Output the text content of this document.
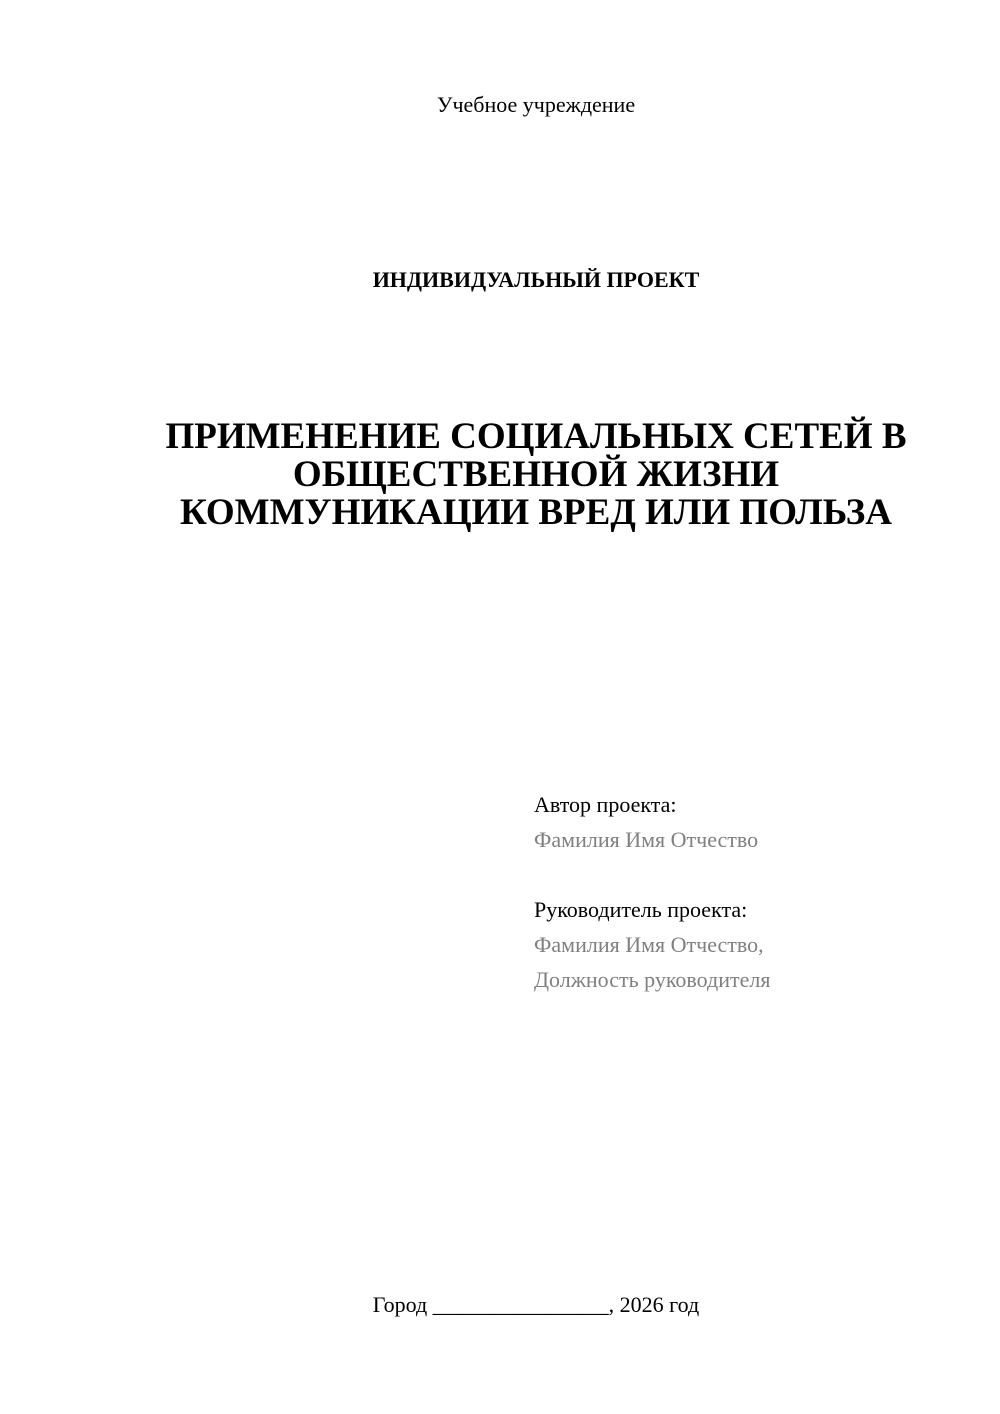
Учебное учреждение
ИНДИВИДУАЛЬНЫЙ ПРОЕКТ
ПРИМЕНЕНИЕ СОЦИАЛЬНЫХ СЕТЕЙ В
ОБЩЕСТВЕННОЙ ЖИЗНИ
КОММУНИКАЦИИ ВРЕД ИЛИ ПОЛЬЗА
Автор проекта:
Фамилия Имя Отчество
Руководитель проекта:
Фамилия Имя Отчество,
Должность руководителя
Город ________________, 2026 год
